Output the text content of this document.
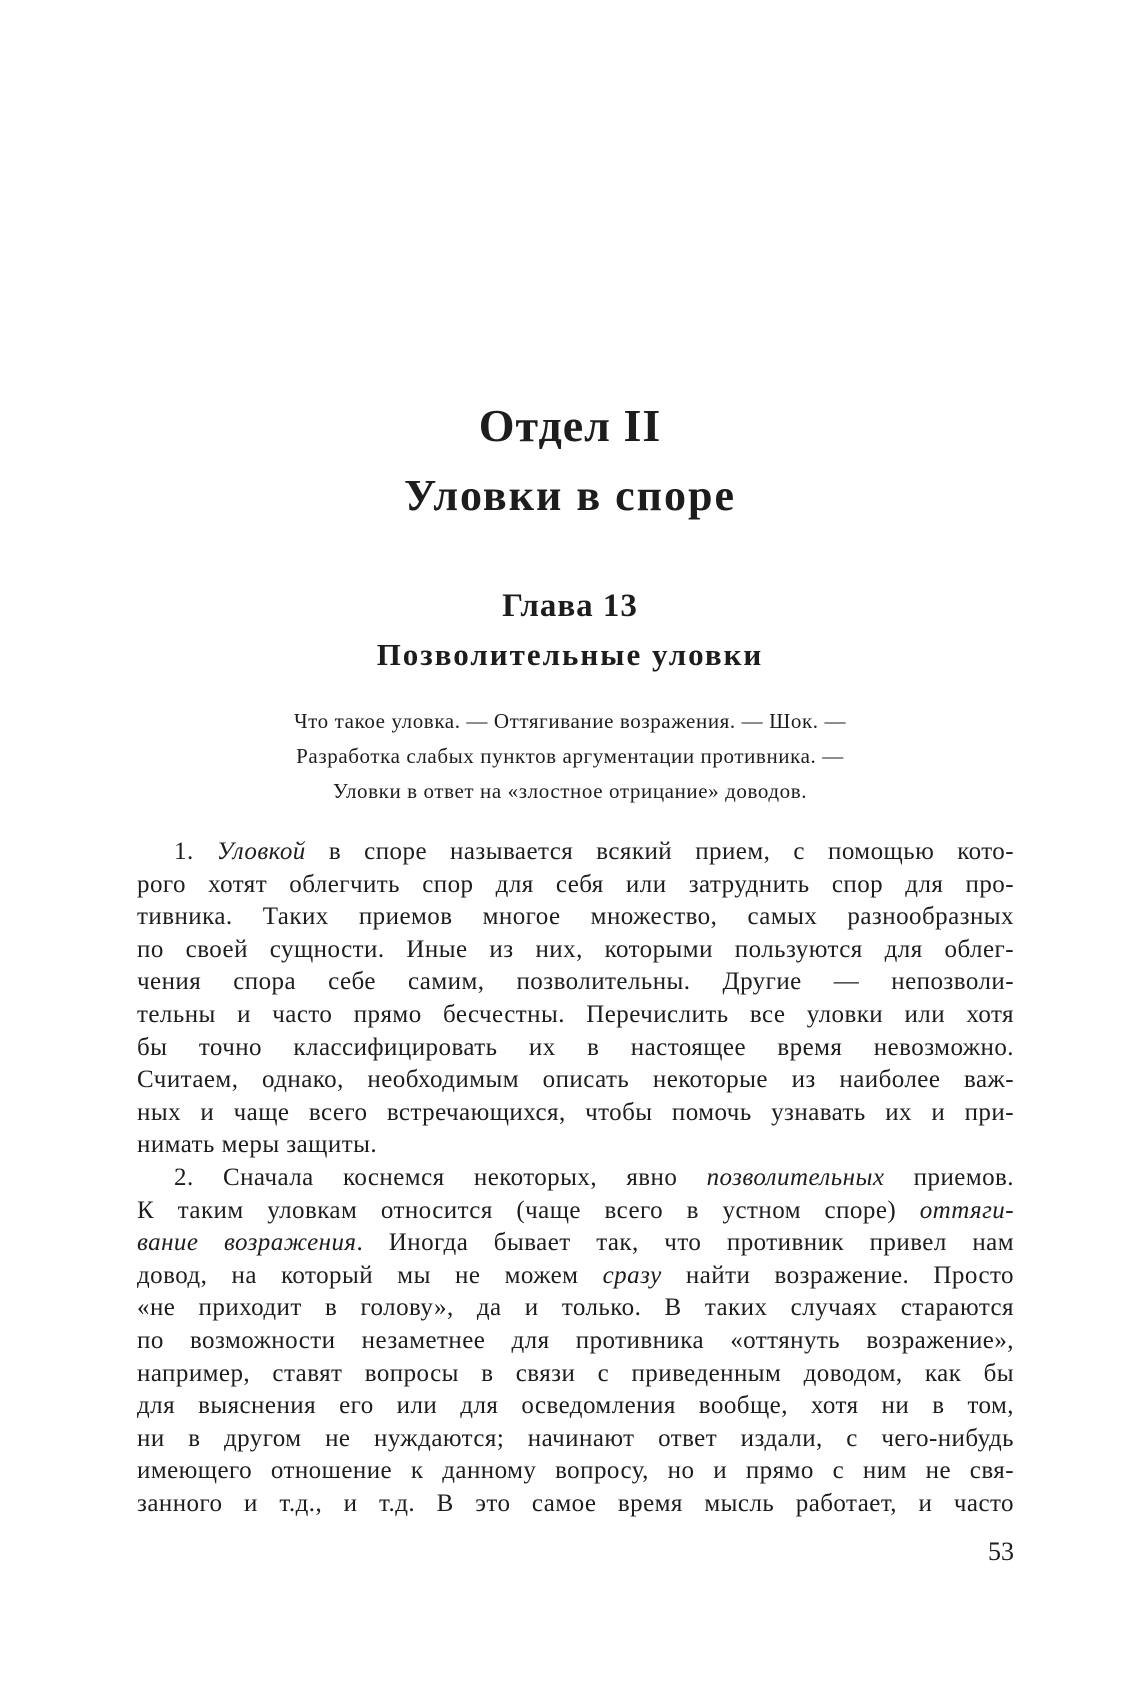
Отдел II
Уловки в споре
Глава 13
Позволительные уловки
Что такое уловка. — Оттягивание возражения. — Шок. —
Разработка слабых пунктов аргументации противника. —
Уловки в ответ на «злостное отрицание» доводов.
1. Уловкой в споре называется всякий прием, с помощью кото-
рого хотят облегчить спор для себя или затруднить спор для про-
тивника. Таких приемов многое множество, самых разнообразных
по своей сущности. Иные из них, которыми пользуются для облег-
чения спора себе самим, позволительны. Другие — непозволи-
тельны и часто прямо бесчестны. Перечислить все уловки или хотя
бы точно классифицировать их в настоящее время невозможно.
Считаем, однако, необходимым описать некоторые из наиболее важ-
ных и чаще всего встречающихся, чтобы помочь узнавать их и при-
нимать меры защиты.
2. Сначала коснемся некоторых, явно позволительных приемов.
К таким уловкам относится (чаще всего в устном споре) оттяги-
вание возражения. Иногда бывает так, что противник привел нам
довод, на который мы не можем сразу найти возражение. Просто
«не приходит в голову», да и только. В таких случаях стараются
по возможности незаметнее для противника «оттянуть возражение»,
например, ставят вопросы в связи с приведенным доводом, как бы
для выяснения его или для осведомления вообще, хотя ни в том,
ни в другом не нуждаются; начинают ответ издали, с чего-нибудь
имеющего отношение к данному вопросу, но и прямо с ним не свя-
занного и т.д., и т.д. В это самое время мысль работает, и часто
53
